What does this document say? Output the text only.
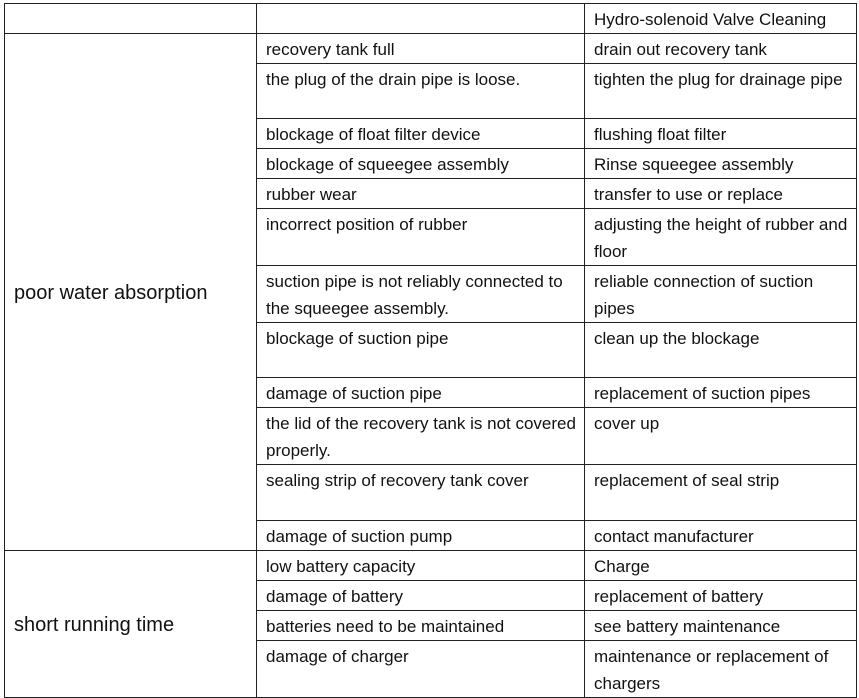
		Hydro-solenoid Valve Cleaning
poor water absorption	recovery tank full	drain out recovery tank
	the plug of the drain pipe is loose.	tighten the plug for drainage pipe
	blockage of float filter device	flushing float filter
	blockage of squeegee assembly	Rinse squeegee assembly
	rubber wear	transfer to use or replace
	incorrect position of rubber	adjusting the height of rubber and floor
	suction pipe is not reliably connected to the squeegee assembly.	reliable connection of suction pipes
	blockage of suction pipe	clean up the blockage
	damage of suction pipe	replacement of suction pipes
	the lid of the recovery tank is not covered properly.	cover up
	sealing strip of recovery tank cover	replacement of seal strip
	damage of suction pump	contact manufacturer
short running time	low battery capacity	Charge
	damage of battery	replacement of battery
	batteries need to be maintained	see battery maintenance
	damage of charger	maintenance or replacement of chargers
